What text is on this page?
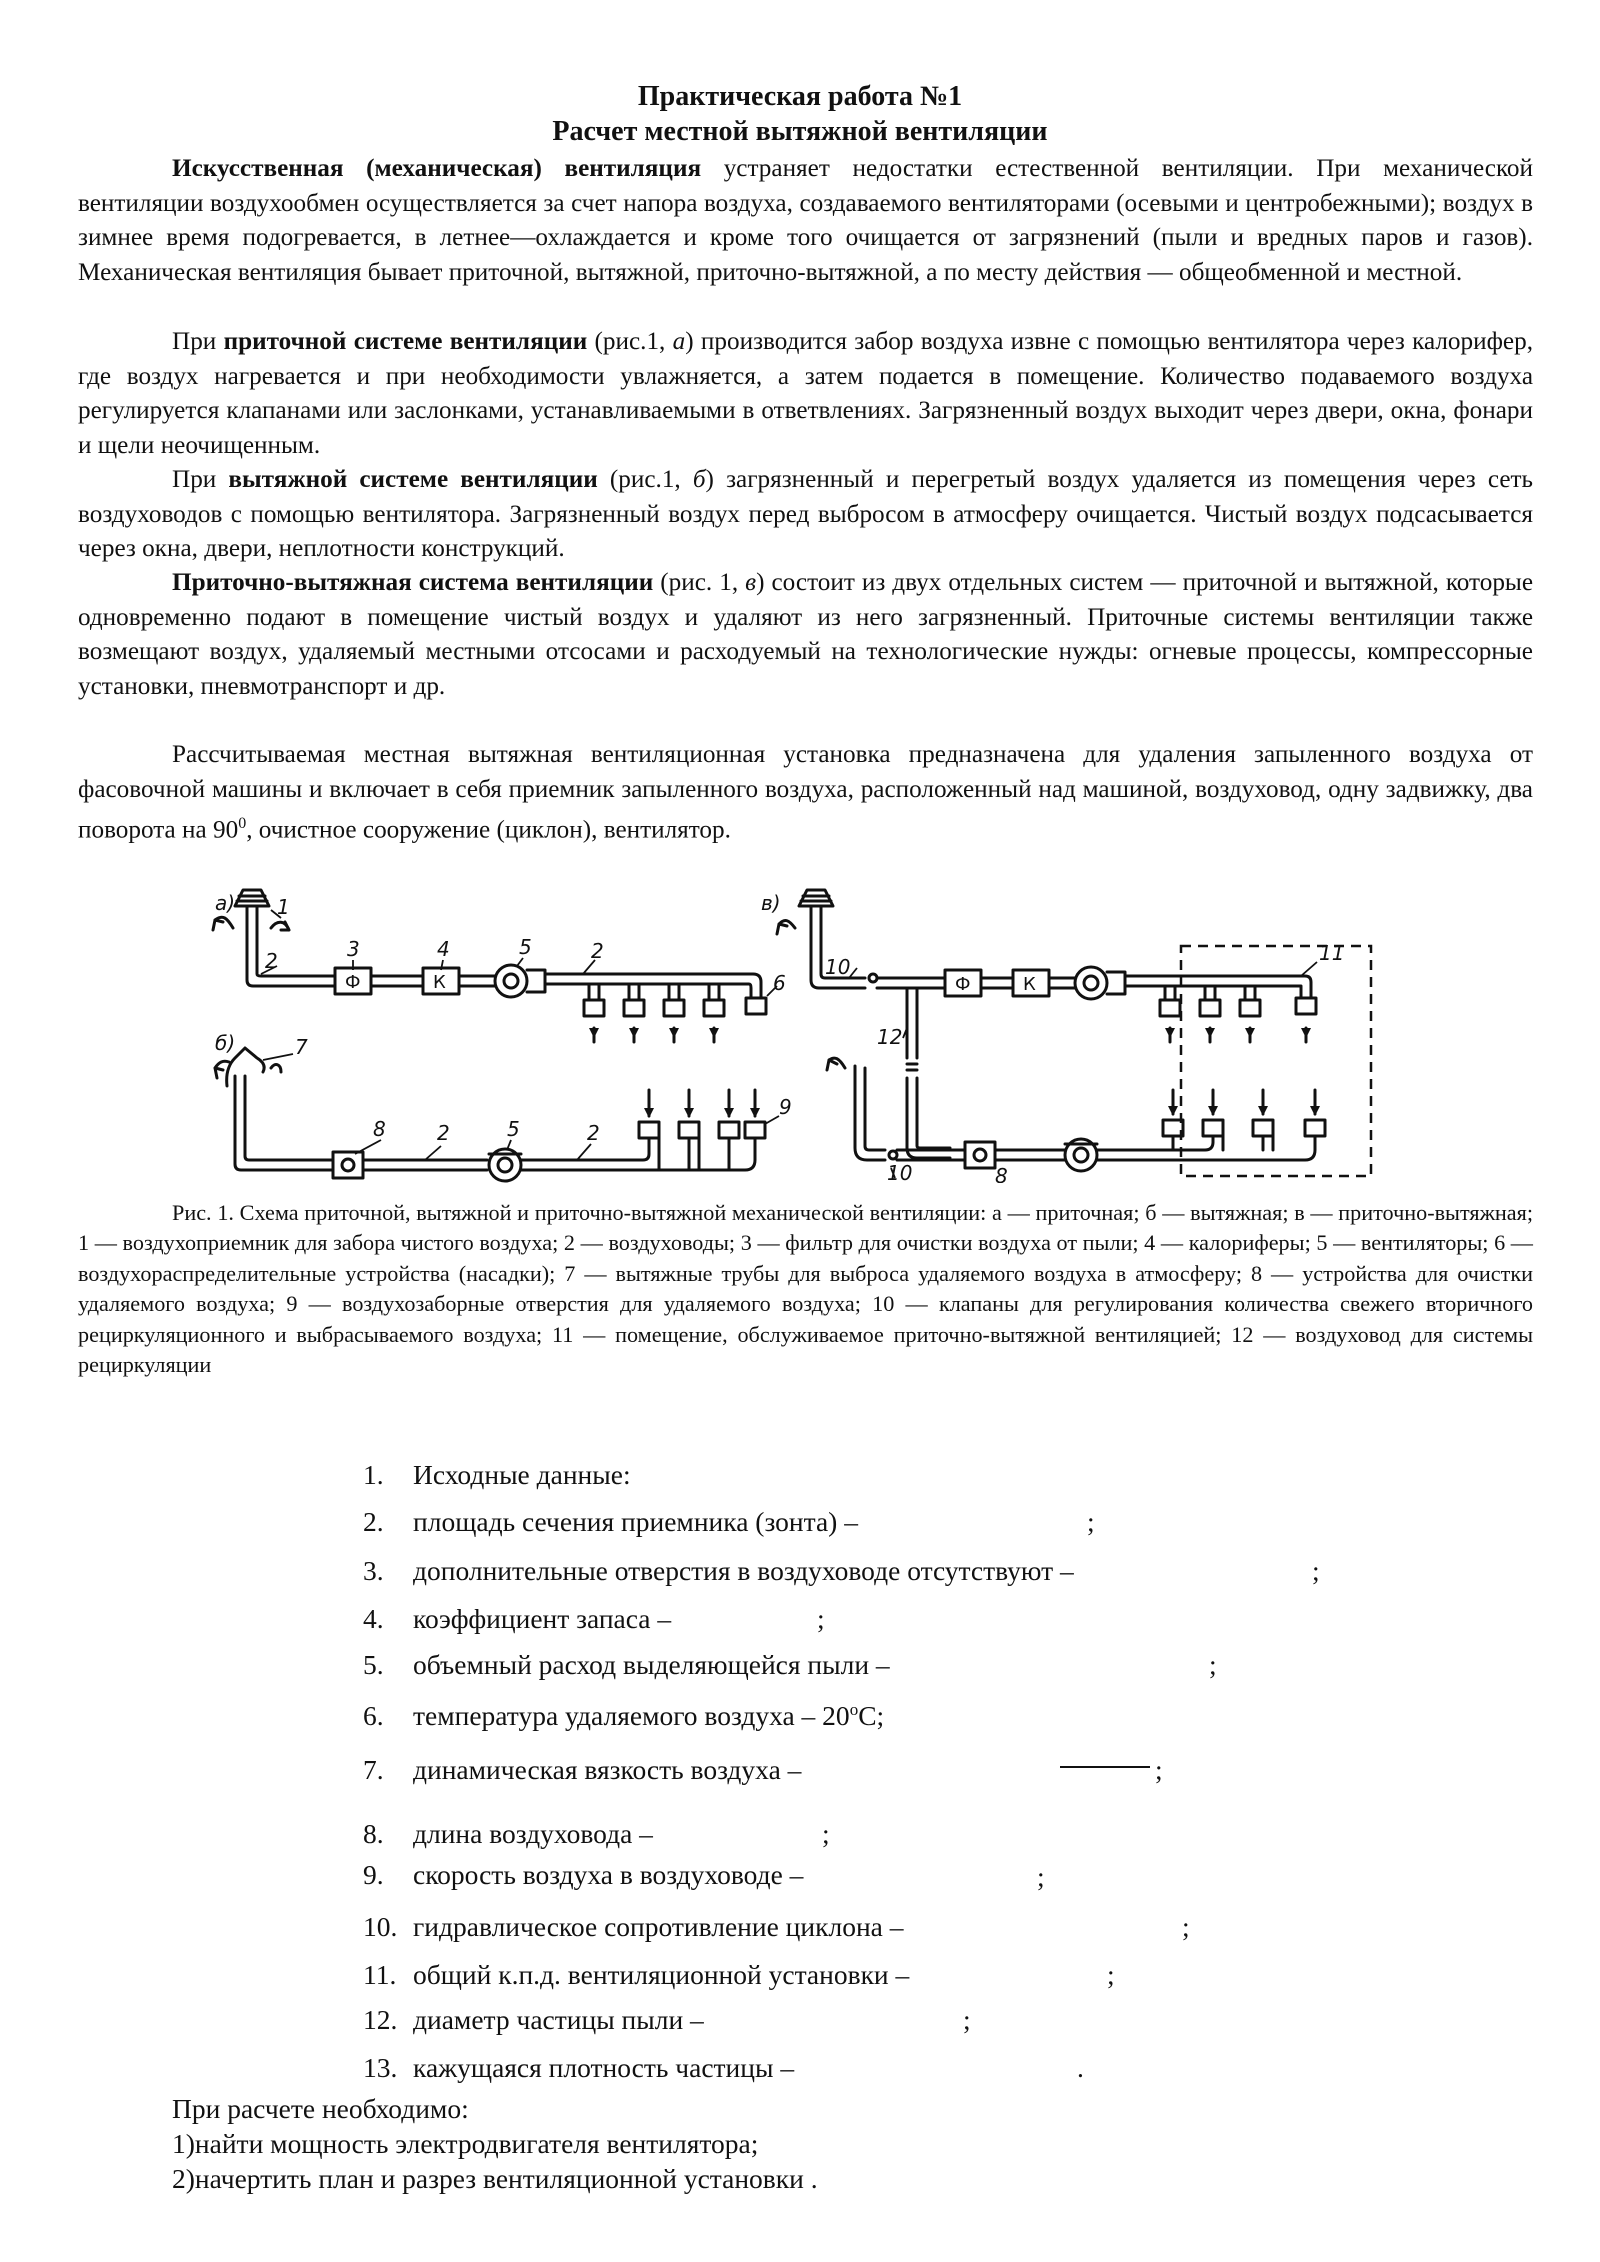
Практическая работа №1
Расчет местной вытяжной вентиляции
Искусственная (механическая) вентиляция устраняет недостатки естественной вентиляции. При механической вентиляции воздухообмен осуществляется за счет напора воздуха, создаваемого вентиляторами (осевыми и центробежными); воздух в зимнее время подогревается, в летнее—охлаждается и кроме того очищается от загрязнений (пыли и вредных паров и газов). Механическая вентиляция бывает приточной, вытяжной, приточно-вытяжной, а по месту действия — общеобменной и местной.
При приточной системе вентиляции (рис.1, а) производится забор воздуха извне с помощью вентилятора через калорифер, где воздух нагревается и при необходимости увлажняется, а затем подается в помещение. Количество подаваемого воздуха регулируется клапанами или заслонками, устанавливаемыми в ответвлениях. Загрязненный воздух выходит через двери, окна, фонари и щели неочищенным.
При вытяжной системе вентиляции (рис.1, б) загрязненный и перегретый воздух удаляется из помещения через сеть воздуховодов с помощью вентилятора. Загрязненный воздух перед выбросом в атмосферу очищается. Чистый воздух подсасывается через окна, двери, неплотности конструкций.
Приточно-вытяжная система вентиляции (рис. 1, в) состоит из двух отдельных систем — приточной и вытяжной, которые одновременно подают в помещение чистый воздух и удаляют из него загрязненный. Приточные системы вентиляции также возмещают воздух, удаляемый местными отсосами и расходуемый на технологические нужды: огневые процессы, компрессорные установки, пневмотранспорт и др.
Рассчитываемая местная вытяжная вентиляционная установка предназначена для удаления запыленного воздуха от фасовочной машины и включает в себя приемник запыленного воздуха, расположенный над машиной, воздуховод, одну задвижку, два поворота на $90^0$, очистное сооружение (циклон), вентилятор.
а) 1
2	3	4	5	2
6
Ф	К
б)	7
8	2	5	2
9
в)
10
12
10	8
11
Ф	К
Рис. 1. Схема приточной, вытяжной и приточно-вытяжной механической вентиляции: а — приточная; б — вытяжная; в — приточно-вытяжная; 1 — воздухоприемник для забора чистого воздуха; 2 — воздуховоды; 3 — фильтр для очистки воздуха от пыли; 4 — калориферы; 5 — вентиляторы; 6 — воздухораспределительные устройства (насадки); 7 — вытяжные трубы для выброса удаляемого воздуха в атмосферу; 8 — устройства для очистки удаляемого воздуха; 9 — воздухозаборные отверстия для удаляемого воздуха; 10 — клапаны для регулирования количества свежего вторичного рециркуляционного и выбрасываемого воздуха; 11 — помещение, обслуживаемое приточно-вытяжной вентиляцией; 12 — воздуховод для системы рециркуляции
1. Исходные данные:
2. площадь сечения приемника (зонта) –	;
3. дополнительные отверстия в воздуховоде отсутствуют –	;
4. коэффициент запаса –	;
5. объемный расход выделяющейся пыли –	;
6. температура удаляемого воздуха – $20^оС$;
7. динамическая вязкость воздуха –	;
8. длина воздуховода –	;
9. скорость воздуха в воздуховоде –	;
10. гидравлическое сопротивление циклона –	;
11. общий к.п.д. вентиляционной установки –	;
12. диаметр частицы пыли –	;
13. кажущаяся плотность частицы –	.
При расчете необходимо:
1)найти мощность электродвигателя вентилятора;
2)начертить план и разрез вентиляционной установки .
